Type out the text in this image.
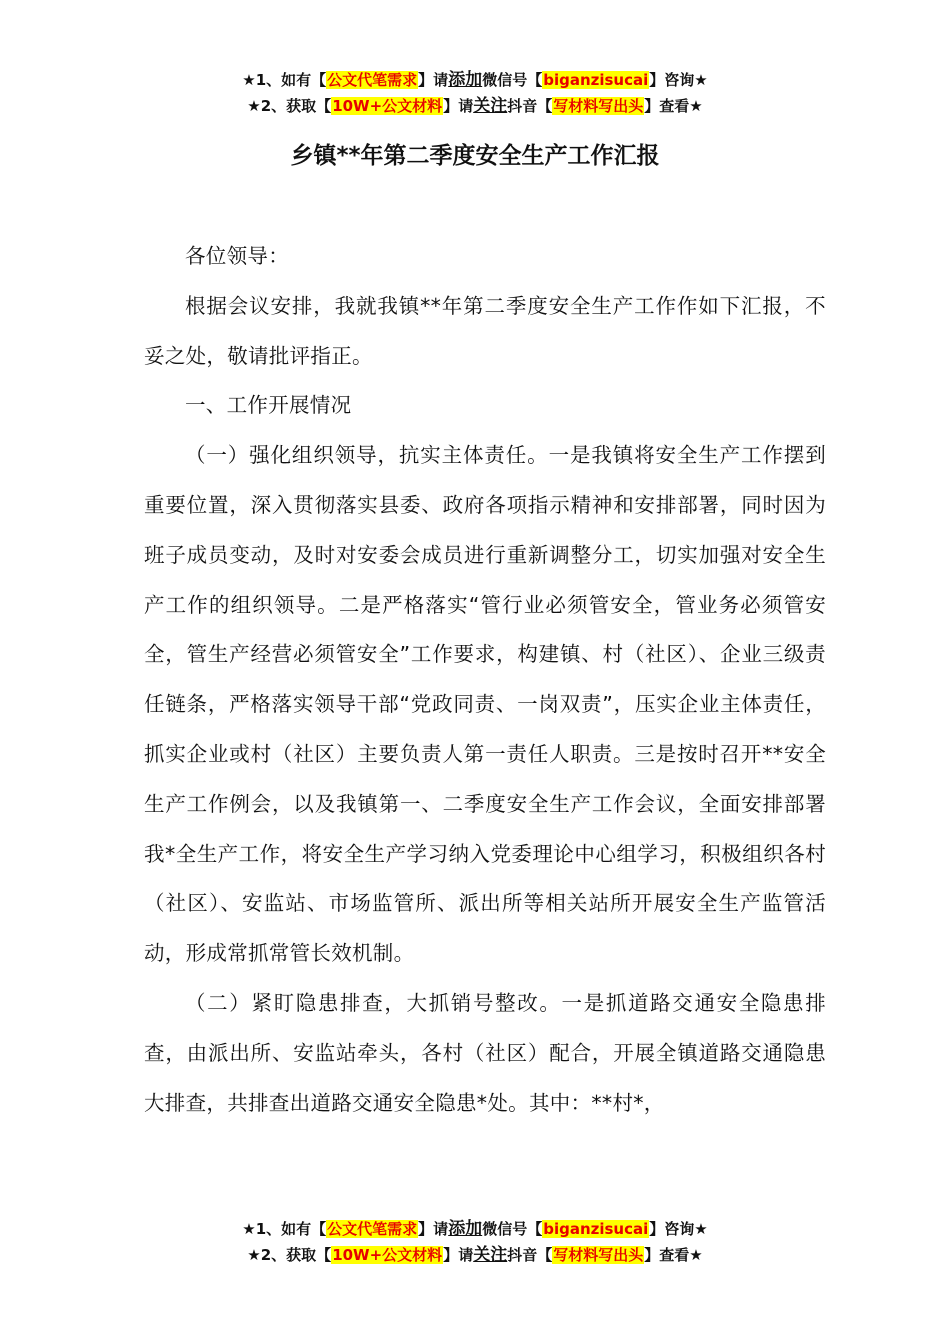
★1、如有【公文代笔需求】请添加微信号【biganzisucai】咨询★
★2、获取【10W+公文材料】请关注抖音【写材料写出头】查看★
乡镇**年第二季度安全生产工作汇报

各位领导：

根据会议安排，我就我镇**年第二季度安全生产工作作如下汇报，不妥之处，敬请批评指正。

一、工作开展情况

（一）强化组织领导，抗实主体责任。一是我镇将安全生产工作摆到重要位置，深入贯彻落实县委、政府各项指示精神和安排部署，同时因为班子成员变动，及时对安委会成员进行重新调整分工，切实加强对安全生产工作的组织领导。二是严格落实“管行业必须管安全，管业务必须管安全，管生产经营必须管安全”工作要求，构建镇、村（社区）、企业三级责任链条，严格落实领导干部“党政同责、一岗双责”，压实企业主体责任，抓实企业或村（社区）主要负责人第一责任人职责。三是按时召开**安全生产工作例会，以及我镇第一、二季度安全生产工作会议，全面安排部署我*全生产工作，将安全生产学习纳入党委理论中心组学习，积极组织各村（社区）、安监站、市场监管所、派出所等相关站所开展安全生产监管活动，形成常抓常管长效机制。

（二）紧盯隐患排查，大抓销号整改。一是抓道路交通安全隐患排查，由派出所、安监站牵头，各村（社区）配合，开展全镇道路交通隐患大排查，共排查出道路交通安全隐患*处。其中：**村*，

★1、如有【公文代笔需求】请添加微信号【biganzisucai】咨询★
★2、获取【10W+公文材料】请关注抖音【写材料写出头】查看★
